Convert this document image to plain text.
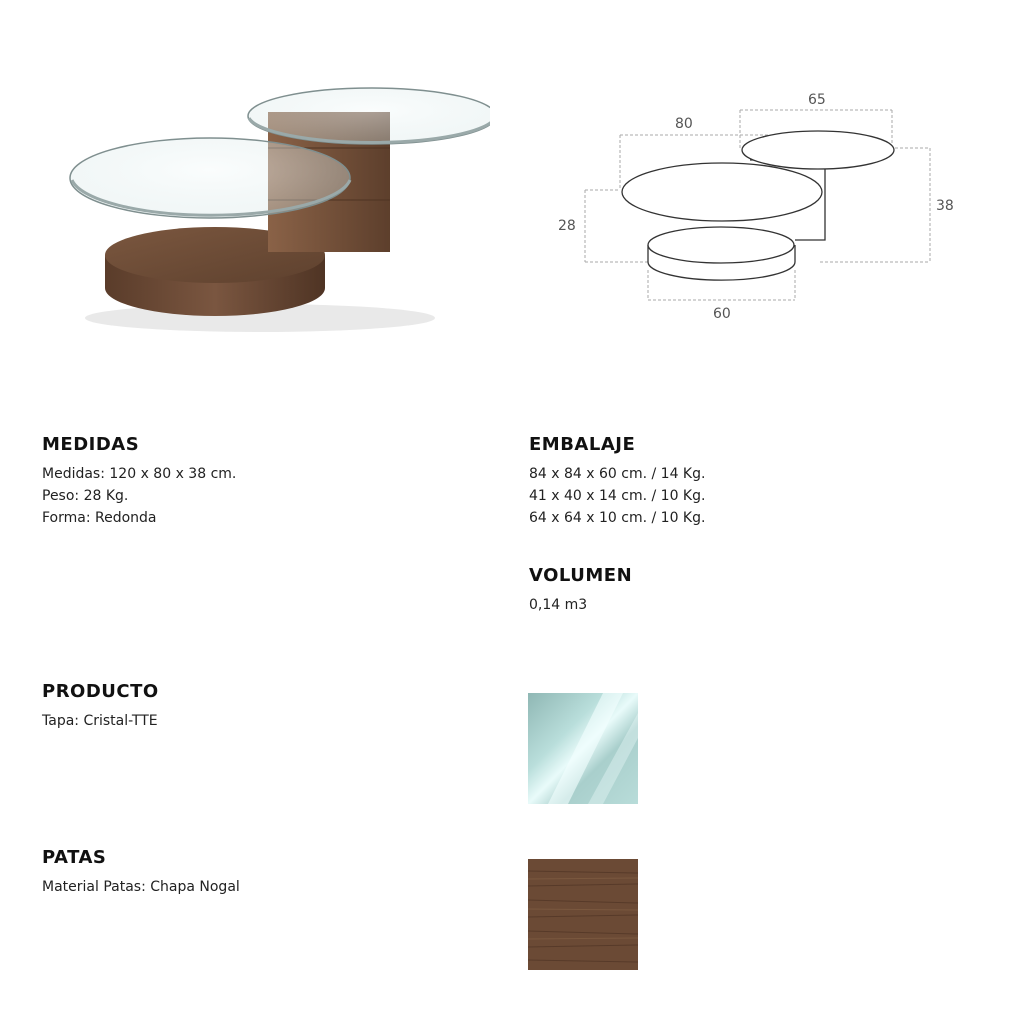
65
80
38
28
60
MEDIDAS
Medidas: 120 x 80 x 38 cm.
Peso: 28 Kg.
Forma: Redonda
EMBALAJE
84 x 84 x 60 cm. / 14 Kg.
41 x 40 x 14 cm. / 10 Kg.
64 x 64 x 10 cm. / 10 Kg.
VOLUMEN
0,14 m3
PRODUCTO
Tapa: Cristal-TTE
PATAS
Material Patas: Chapa Nogal
